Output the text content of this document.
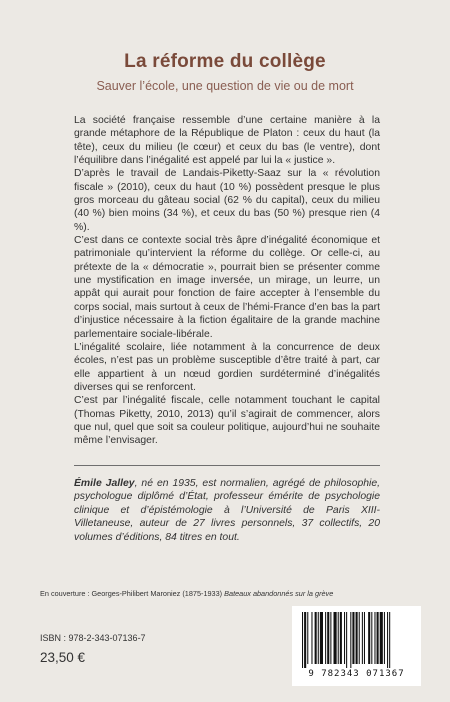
La réforme du collège
Sauver l’école, une question de vie ou de mort

La société française ressemble d’une certaine manière à la grande métaphore de la République de Platon : ceux du haut (la tête), ceux du milieu (le cœur) et ceux du bas (le ventre), dont l’équilibre dans l’inégalité est appelé par lui la « justice ».

D’après le travail de Landais-Piketty-Saaz sur la « révolution fiscale » (2010), ceux du haut (10 %) possèdent presque le plus gros morceau du gâteau social (62 % du capital), ceux du milieu (40 %) bien moins (34 %), et ceux du bas (50 %) presque rien (4 %).

C’est dans ce contexte social très âpre d’inégalité économique et patrimoniale qu’intervient la réforme du collège. Or celle-ci, au prétexte de la « démocratie », pourrait bien se présenter comme une mystification en image inversée, un mirage, un leurre, un appât qui aurait pour fonction de faire accepter à l’ensemble du corps social, mais surtout à ceux de l’hémi-France d’en bas la part d’injustice nécessaire à la fiction égalitaire de la grande machine parlementaire sociale-libérale.

L’inégalité scolaire, liée notamment à la concurrence de deux écoles, n’est pas un problème susceptible d’être traité à part, car elle appartient à un nœud gordien surdéterminé d’inégalités diverses qui se renforcent.

C’est par l’inégalité fiscale, celle notamment touchant le capital (Thomas Piketty, 2010, 2013) qu’il s’agirait de commencer, alors que nul, quel que soit sa couleur politique, aujourd’hui ne souhaite même l’envisager.

Émile Jalley, né en 1935, est normalien, agrégé de philosophie, psychologue diplômé d’État, professeur émérite de psychologie clinique et d’épistémologie à l’Université de Paris XIII-Villetaneuse, auteur de 27 livres personnels, 37 collectifs, 20 volumes d’éditions, 84 titres en tout.
En couverture : Georges-Philibert Maroniez (1875-1933) Bateaux abandonnés sur la grève
ISBN : 978-2-343-07136-7
23,50 €
9 782343 071367
